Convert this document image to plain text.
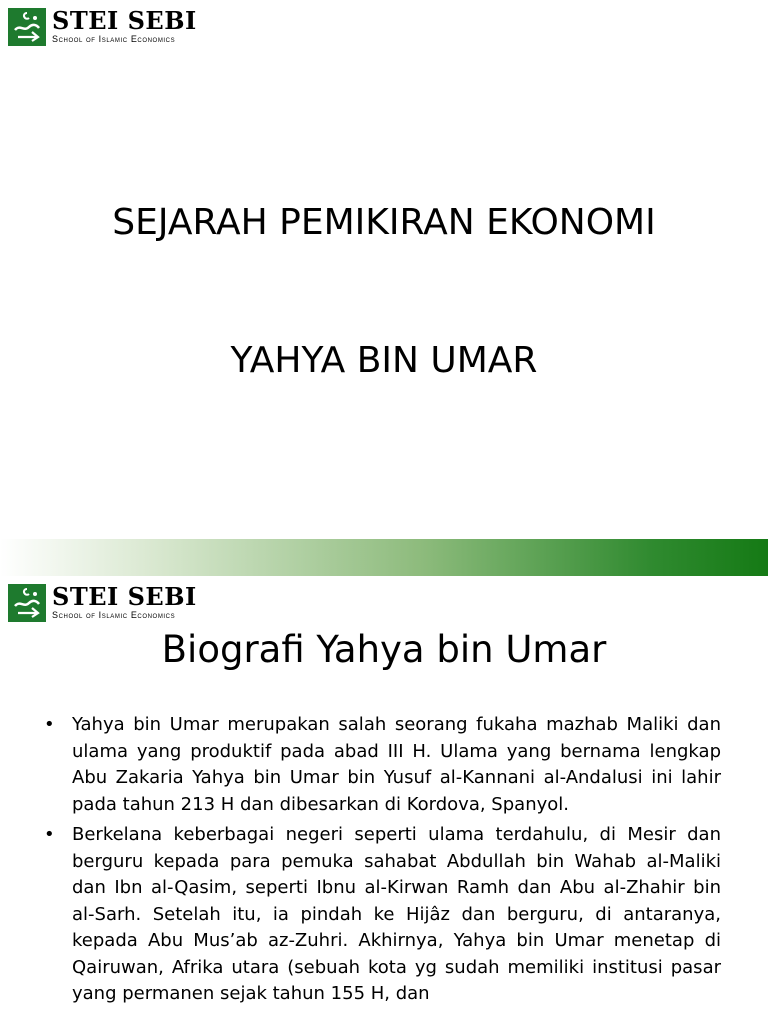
STEI SEBI
School of Islamic Economics
SEJARAH PEMIKIRAN EKONOMI
YAHYA BIN UMAR
STEI SEBI
School of Islamic Economics
Biografi Yahya bin Umar
• Yahya bin Umar merupakan salah seorang fukaha mazhab Maliki dan ulama yang produktif pada abad III H. Ulama yang bernama lengkap Abu Zakaria Yahya bin Umar bin Yusuf al-Kannani al-Andalusi ini lahir pada tahun 213 H dan dibesarkan di Kordova, Spanyol.
• Berkelana keberbagai negeri seperti ulama terdahulu, di Mesir dan berguru kepada para pemuka sahabat Abdullah bin Wahab al-Maliki dan Ibn al-Qasim, seperti Ibnu al-Kirwan Ramh dan Abu al-Zhahir bin al-Sarh. Setelah itu, ia pindah ke Hijâz dan berguru, di antaranya, kepada Abu Mus’ab az-Zuhri. Akhirnya, Yahya bin Umar menetap di Qairuwan, Afrika utara (sebuah kota yg sudah memiliki institusi pasar yang permanen sejak tahun 155 H, dan
